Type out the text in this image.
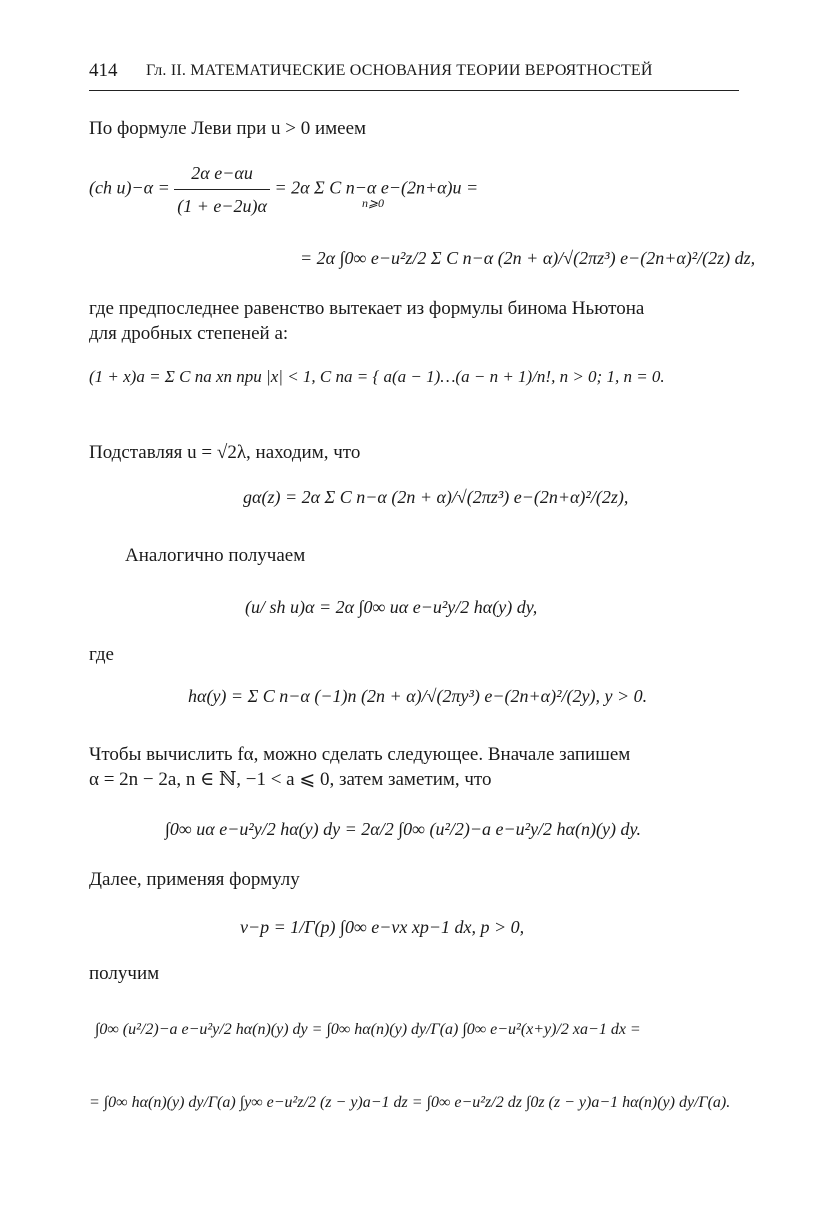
414 Гл. II. МАТЕМАТИЧЕСКИЕ ОСНОВАНИЯ ТЕОРИИ ВЕРОЯТНОСТЕЙ
По формуле Леви при u > 0 имеем
(ch $u)-\alpha = \frac{\text{2α e−αu}}{(1 + e-2u)\alpha} = 2\alpha$ Σ C n−α e−(2n+α)u =
n⩾0
= 2α ∫0∞ e−u²z/2 Σ C n−α (2n + α)/√(2πz³) e−(2n+α)²/(2z) dz,
где предпоследнее равенство вытекает из формулы бинома Ньютона
для дробных степеней a:
(1 + x)a = Σ C na xn при |x| < 1, C na = { a(a − 1)…(a − n + 1)/n!, n > 0; 1, n = 0.
Подставляя u = √2λ, находим, что
gα(z) = 2α Σ C n−α (2n + α)/√(2πz³) e−(2n+α)²/(2z),
Аналогично получаем
(u/ sh u)α = 2α ∫0∞ uα e−u²y/2 hα(y) dy,
где
hα(y) = Σ C n−α (−1)n (2n + α)/√(2πy³) e−(2n+α)²/(2y), y > 0.
Чтобы вычислить fα, можно сделать следующее. Вначале запишем
α = 2n − 2a, n ∈ ℕ, −1 < a ⩽ 0, затем заметим, что
∫0∞ uα e−u²y/2 hα(y) dy = 2α/2 ∫0∞ (u²/2)−a e−u²y/2 hα(n)(y) dy.
Далее, применяя формулу
v−p = 1/Γ(p) ∫0∞ e−vx xp−1 dx, p > 0,
получим
∫0∞ (u²/2)−a e−u²y/2 hα(n)(y) dy = ∫0∞ hα(n)(y) dy/Γ(a) ∫0∞ e−u²(x+y)/2 xa−1 dx =
= ∫0∞ hα(n)(y) dy/Γ(a) ∫y∞ e−u²z/2 (z − y)a−1 dz = ∫0∞ e−u²z/2 dz ∫0z (z − y)a−1 hα(n)(y) dy/Γ(a).
